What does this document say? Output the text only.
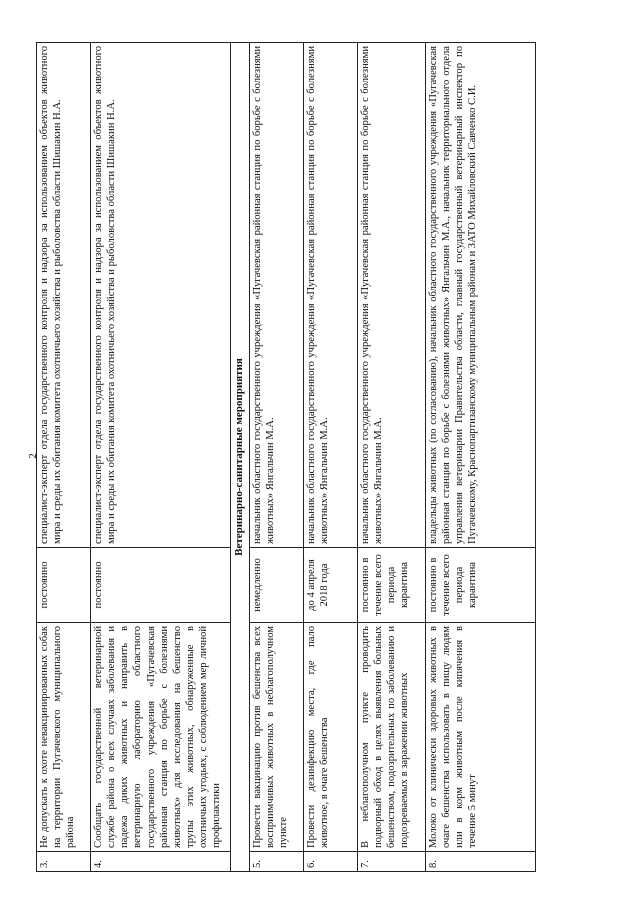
2
3.	Не допускать к охоте невакцинированных собак на территории Пугачевского муниципального района	постоянно	специалист-эксперт отдела государственного контроля и надзора за использованием объектов животного мира и среды их обитания комитета охотничьего хозяйства и рыболовства области Шишакин Н.А.
4.	Сообщать государственной ветеринарной службе района о всех случаях заболевания и падежа диких животных и направить в ветеринарную лабораторию областного государственного учреждения «Пугачевская районная станция по борьбе с болезнями животных» для исследования на бешенство трупы этих животных, обнаруженные в охотничьих угодьях, с соблюдением мер личной профилактики	постоянно	специалист-эксперт отдела государственного контроля и надзора за использованием объектов животного мира и среды их обитания комитета охотничьего хозяйства и рыболовства области Шишакин Н.А.
Ветеринарно-санитарные мероприятия			
5.	Провести вакцинацию против бешенства всех восприимчивых животных в неблагополучном пункте	немедленно	начальник областного государственного учреждения «Пугачевская районная станция по борьбе с болезнями животных» Янгальчин М.А.
6.	Провести дезинфекцию места, где пало животное, в очаге бешенства	до 4 апреля 2018 года	начальник областного государственного учреждения «Пугачевская районная станция по борьбе с болезнями животных» Янгальчин М.А.
7.	В неблагополучном пункте проводить подворный обход в целях выявления больных бешенством, подозрительных по заболеванию и подозреваемых в заражении животных	постоянно в течение всего периода карантина	начальник областного государственного учреждения «Пугачевская районная станция по борьбе с болезнями животных» Янгальчин М.А.
8.	Молоко от клинически здоровых животных в очаге бешенства использовать в пищу людям или в корм животным после кипячения в течение 5 минут	постоянно в течение всего периода карантина	владельцы животных (по согласованию), начальник областного государственного учреждения «Пугачевская районная станция по борьбе с болезнями животных» Янгальчин М.А., начальник территориального отдела управления ветеринарии Правительства области, главный государственный ветеринарный инспектор по Пугачевскому, Краснопартизанскому муниципальным районам и ЗАТО Михайловский Савченко С.И.
